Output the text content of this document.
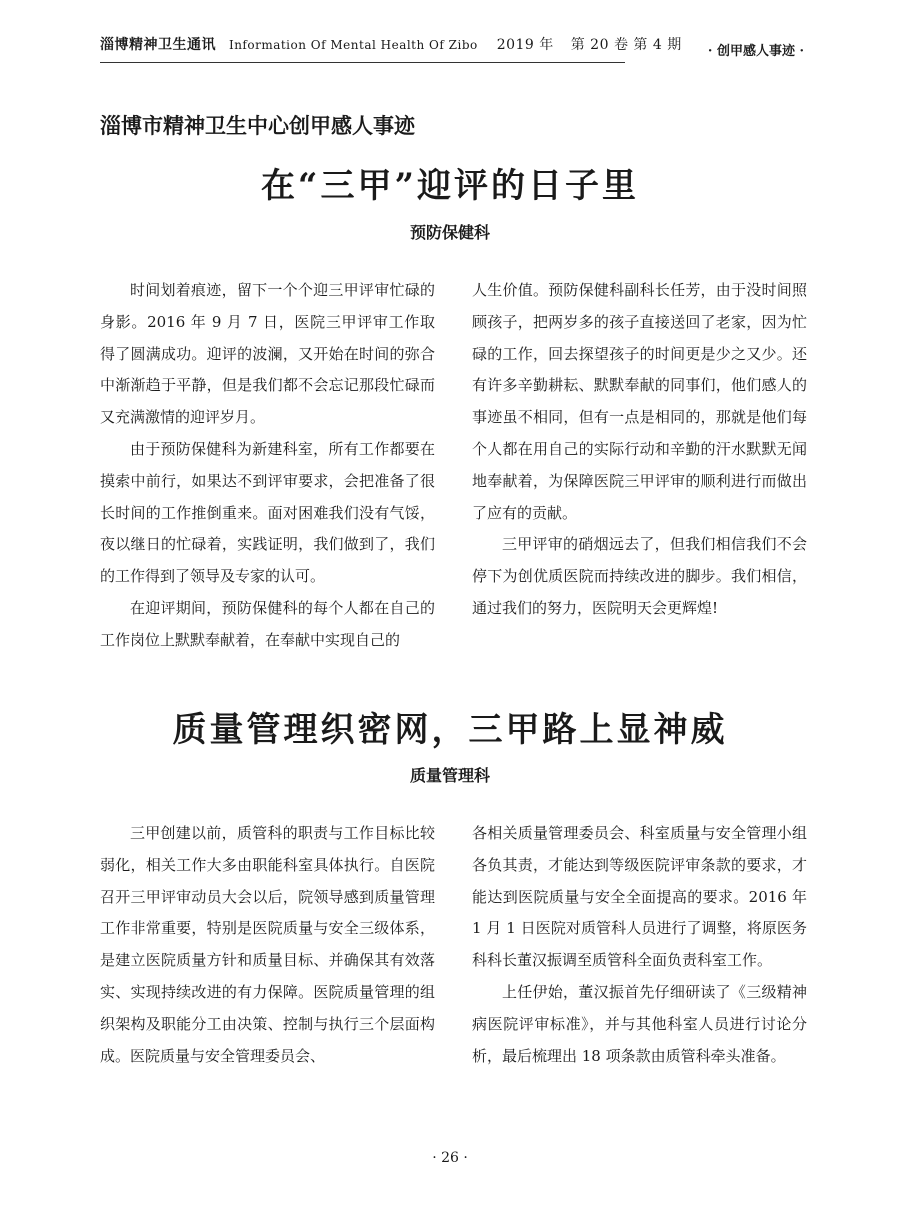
淄博精神卫生通讯 Information Of Mental Health Of Zibo 2019 年 第 20 卷 第 4 期 · 创甲感人事迹 ·
淄博市精神卫生中心创甲感人事迹
在“三甲”迎评的日子里
预防保健科

时间划着痕迹，留下一个个迎三甲评审忙碌的身影。2016 年 9 月 7 日，医院三甲评审工作取得了圆满成功。迎评的波澜，又开始在时间的弥合中渐渐趋于平静，但是我们都不会忘记那段忙碌而又充满激情的迎评岁月。

由于预防保健科为新建科室，所有工作都要在摸索中前行，如果达不到评审要求，会把准备了很长时间的工作推倒重来。面对困难我们没有气馁，夜以继日的忙碌着，实践证明，我们做到了，我们的工作得到了领导及专家的认可。

在迎评期间，预防保健科的每个人都在自己的工作岗位上默默奉献着，在奉献中实现自己的

人生价值。预防保健科副科长任芳，由于没时间照顾孩子，把两岁多的孩子直接送回了老家，因为忙碌的工作，回去探望孩子的时间更是少之又少。还有许多辛勤耕耘、默默奉献的同事们，他们感人的事迹虽不相同，但有一点是相同的，那就是他们每个人都在用自己的实际行动和辛勤的汗水默默无闻地奉献着，为保障医院三甲评审的顺利进行而做出了应有的贡献。

三甲评审的硝烟远去了，但我们相信我们不会停下为创优质医院而持续改进的脚步。我们相信，通过我们的努力，医院明天会更辉煌!

质量管理织密网，三甲路上显神威
质量管理科

三甲创建以前，质管科的职责与工作目标比较弱化，相关工作大多由职能科室具体执行。自医院召开三甲评审动员大会以后，院领导感到质量管理工作非常重要，特别是医院质量与安全三级体系，是建立医院质量方针和质量目标、并确保其有效落实、实现持续改进的有力保障。医院质量管理的组织架构及职能分工由决策、控制与执行三个层面构成。医院质量与安全管理委员会、

各相关质量管理委员会、科室质量与安全管理小组各负其责，才能达到等级医院评审条款的要求，才能达到医院质量与安全全面提高的要求。2016 年 1 月 1 日医院对质管科人员进行了调整，将原医务科科长董汉振调至质管科全面负责科室工作。

上任伊始，董汉振首先仔细研读了《三级精神病医院评审标准》，并与其他科室人员进行讨论分析，最后梳理出 18 项条款由质管科牵头准备。

· 26 ·
